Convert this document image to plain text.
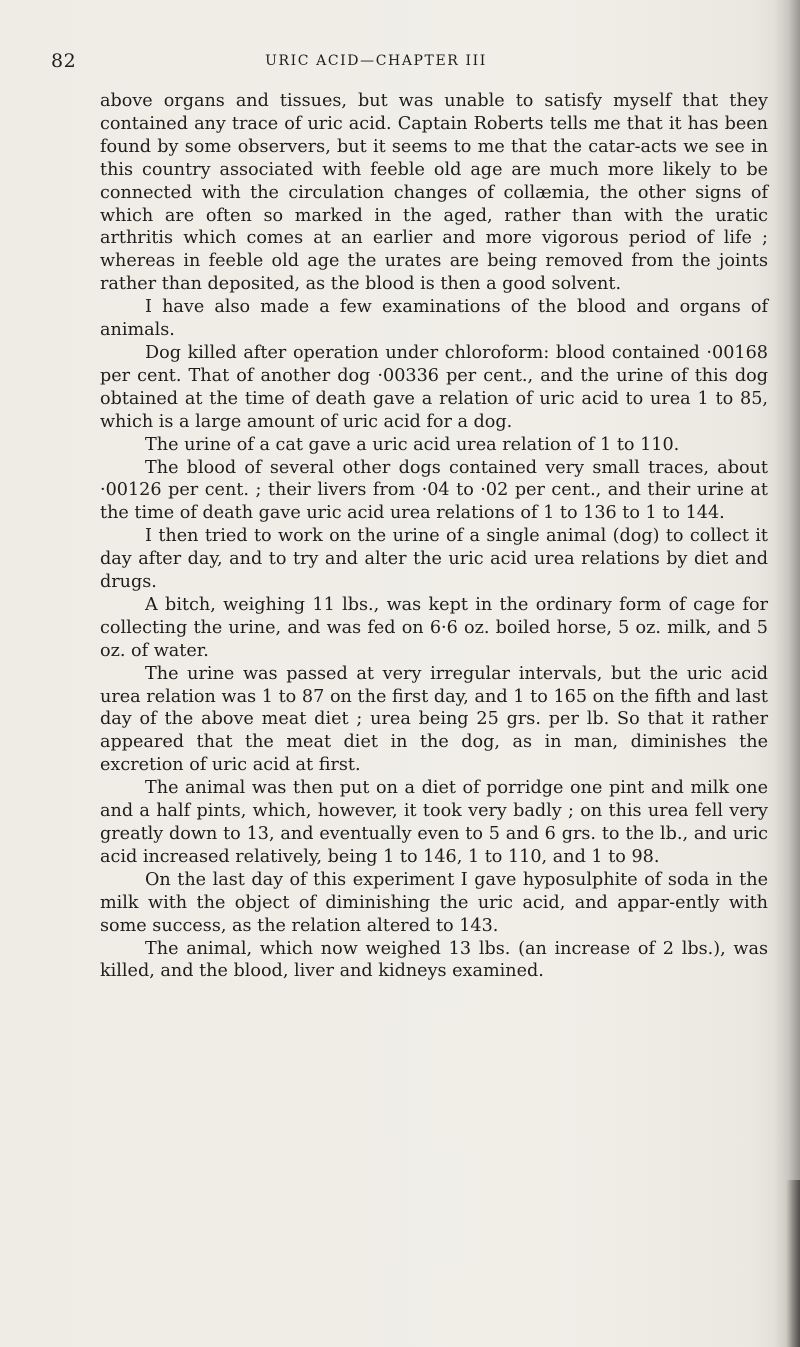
82	URIC ACID—CHAPTER III

above organs and tissues, but was unable to satisfy myself that they contained any trace of uric acid. Captain Roberts tells me that it has been found by some observers, but it seems to me that the catar-acts we see in this country associated with feeble old age are much more likely to be connected with the circulation changes of collæmia, the other signs of which are often so marked in the aged, rather than with the uratic arthritis which comes at an earlier and more vigorous period of life ; whereas in feeble old age the urates are being removed from the joints rather than deposited, as the blood is then a good solvent.

I have also made a few examinations of the blood and organs of animals.

Dog killed after operation under chloroform: blood contained ·00168 per cent. That of another dog ·00336 per cent., and the urine of this dog obtained at the time of death gave a relation of uric acid to urea 1 to 85, which is a large amount of uric acid for a dog.

The urine of a cat gave a uric acid urea relation of 1 to 110.

The blood of several other dogs contained very small traces, about ·00126 per cent. ; their livers from ·04 to ·02 per cent., and their urine at the time of death gave uric acid urea relations of 1 to 136 to 1 to 144.

I then tried to work on the urine of a single animal (dog) to collect it day after day, and to try and alter the uric acid urea relations by diet and drugs.

A bitch, weighing 11 lbs., was kept in the ordinary form of cage for collecting the urine, and was fed on 6·6 oz. boiled horse, 5 oz. milk, and 5 oz. of water.

The urine was passed at very irregular intervals, but the uric acid urea relation was 1 to 87 on the first day, and 1 to 165 on the fifth and last day of the above meat diet ; urea being 25 grs. per lb. So that it rather appeared that the meat diet in the dog, as in man, diminishes the excretion of uric acid at first.

The animal was then put on a diet of porridge one pint and milk one and a half pints, which, however, it took very badly ; on this urea fell very greatly down to 13, and eventually even to 5 and 6 grs. to the lb., and uric acid increased relatively, being 1 to 146, 1 to 110, and 1 to 98.

On the last day of this experiment I gave hyposulphite of soda in the milk with the object of diminishing the uric acid, and appar-ently with some success, as the relation altered to 143.

The animal, which now weighed 13 lbs. (an increase of 2 lbs.), was killed, and the blood, liver and kidneys examined.
